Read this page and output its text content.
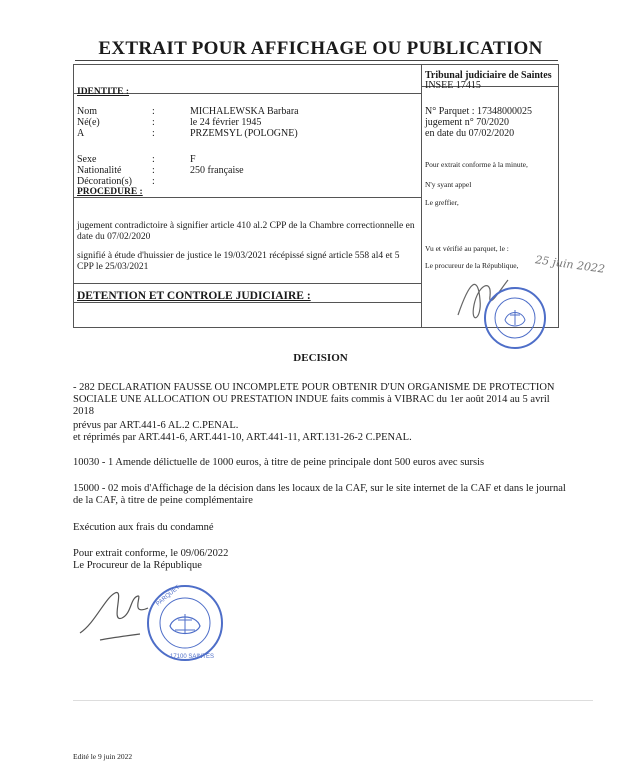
EXTRAIT POUR AFFICHAGE OU PUBLICATION
IDENTITE :
Nom	:	MICHALEWSKA Barbara
Né(e)	:	le 24 février 1945
A	:	PRZEMSYL (POLOGNE)
Sexe	:	F
Nationalité	:	250 française
Décoration(s) :
PROCEDURE :
jugement contradictoire à signifier article 410 al.2 CPP de la Chambre correctionnelle en date du 07/02/2020
signifié à étude d'huissier de justice le 19/03/2021 récépissé signé article 558 al4 et 5 CPP le 25/03/2021
DETENTION ET CONTROLE JUDICIAIRE :
Tribunal judiciaire de Saintes
INSEE 17415
N° Parquet : 17348000025
jugement n° 70/2020
en date du 07/02/2020
Pour extrait conforme à la minute,
N'y syant appel
Le greffier,
Vu et vérifié au parquet, le :
Le procureur de la République, 25 juin 2022
DECISION
- 282 DECLARATION FAUSSE OU INCOMPLETE POUR OBTENIR D'UN ORGANISME DE PROTECTION SOCIALE UNE ALLOCATION OU PRESTATION INDUE faits commis à VIBRAC du 1er août 2014 au 5 avril 2018
prévus par ART.441-6 AL.2 C.PENAL.
et réprimés par ART.441-6, ART.441-10, ART.441-11, ART.131-26-2 C.PENAL.
10030 - 1 Amende délictuelle de 1000 euros, à titre de peine principale dont 500 euros avec sursis
15000 - 02 mois d'Affichage de la décision dans les locaux de la CAF, sur le site internet de la CAF et dans le journal de la CAF, à titre de peine complémentaire
Exécution aux frais du condamné
Pour extrait conforme, le 09/06/2022
Le Procureur de la République
PARQUET
17100 SAINTES
Edité le 9 juin 2022
